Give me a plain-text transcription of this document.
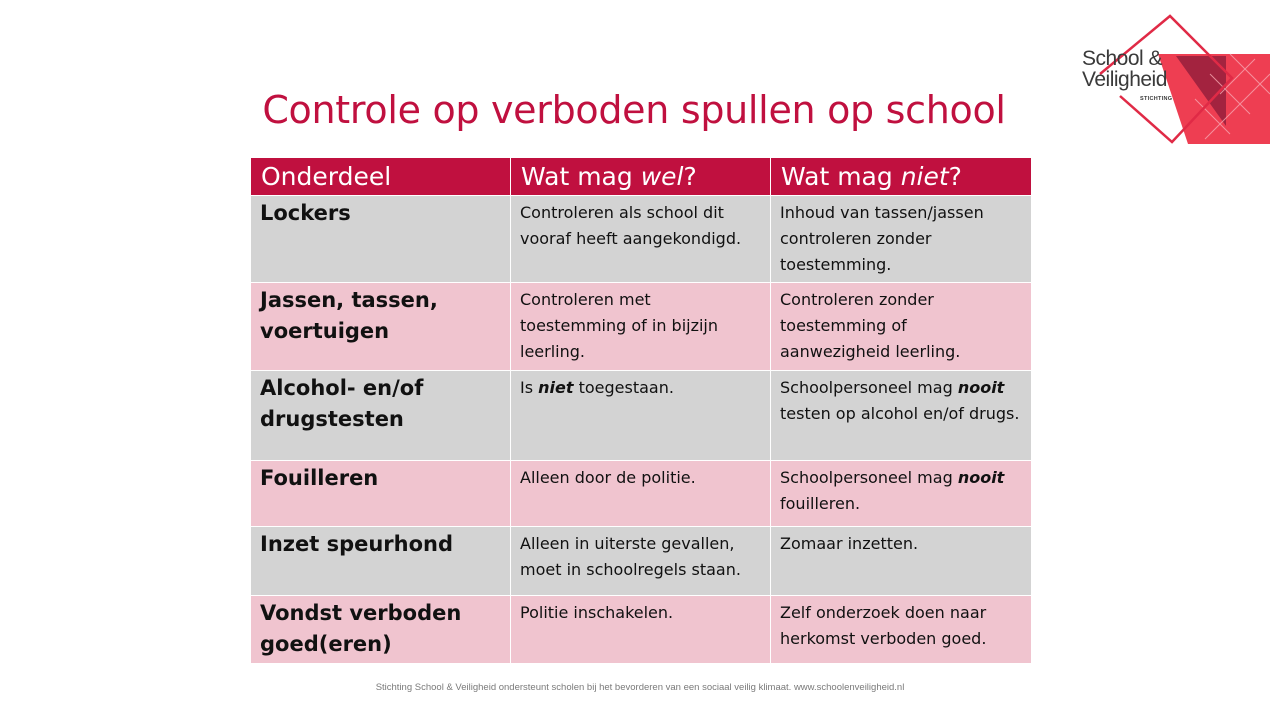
School &
Veiligheid
STICHTING
Controle op verboden spullen op school
Onderdeel	Wat mag wel?	Wat mag niet?
Lockers	Controleren als school dit vooraf heeft aangekondigd.	Inhoud van tassen/jassen controleren zonder toestemming.
Jassen, tassen, voertuigen	Controleren met toestemming of in bijzijn leerling.	Controleren zonder toestemming of aanwezigheid leerling.
Alcohol- en/of drugstesten	Is niet toegestaan.	Schoolpersoneel mag nooit testen op alcohol en/of drugs.
Fouilleren	Alleen door de politie.	Schoolpersoneel mag nooit fouilleren.
Inzet speurhond	Alleen in uiterste gevallen, moet in schoolregels staan.	Zomaar inzetten.
Vondst verboden goed(eren)	Politie inschakelen.	Zelf onderzoek doen naar herkomst verboden goed.
Stichting School & Veiligheid ondersteunt scholen bij het bevorderen van een sociaal veilig klimaat. www.schoolenveiligheid.nl
